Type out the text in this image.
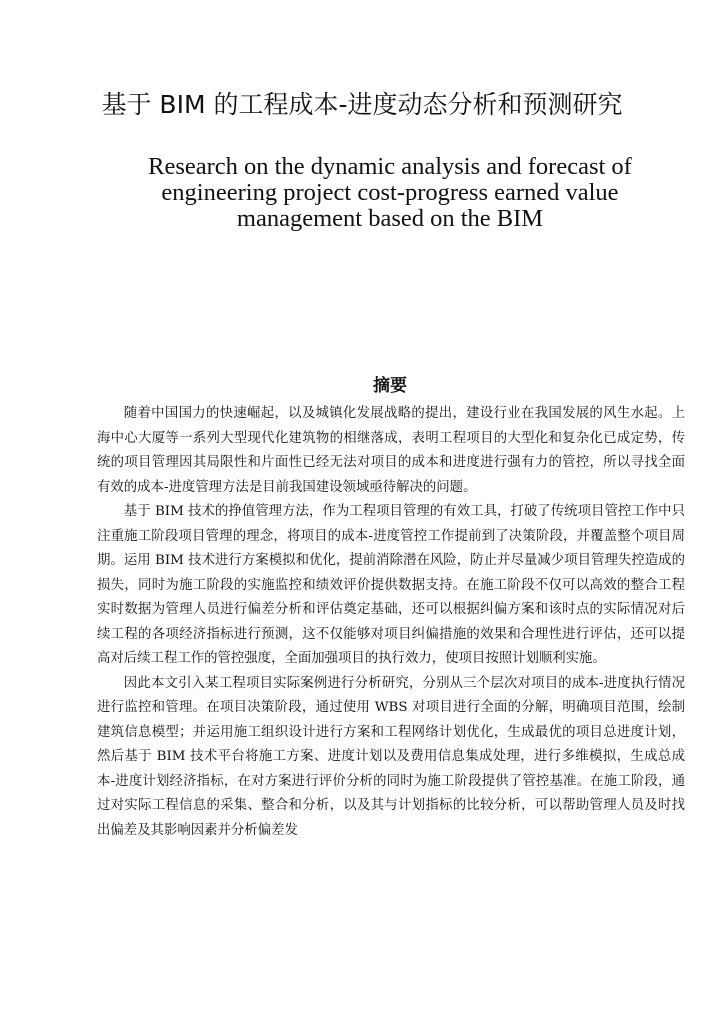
基于 BIM 的工程成本-进度动态分析和预测研究
Research on the dynamic analysis and forecast of engineering project cost-progress earned value management based on the BIM
摘要

随着中国国力的快速崛起，以及城镇化发展战略的提出，建设行业在我国发展的风生水起。上海中心大厦等一系列大型现代化建筑物的相继落成，表明工程项目的大型化和复杂化已成定势，传统的项目管理因其局限性和片面性已经无法对项目的成本和进度进行强有力的管控，所以寻找全面有效的成本-进度管理方法是目前我国建设领域亟待解决的问题。

基于 BIM 技术的挣值管理方法，作为工程项目管理的有效工具，打破了传统项目管控工作中只注重施工阶段项目管理的理念，将项目的成本-进度管控工作提前到了决策阶段，并覆盖整个项目周期。运用 BIM 技术进行方案模拟和优化，提前消除潜在风险，防止并尽量减少项目管理失控造成的损失，同时为施工阶段的实施监控和绩效评价提供数据支持。在施工阶段不仅可以高效的整合工程实时数据为管理人员进行偏差分析和评估奠定基础，还可以根据纠偏方案和该时点的实际情况对后续工程的各项经济指标进行预测，这不仅能够对项目纠偏措施的效果和合理性进行评估，还可以提高对后续工程工作的管控强度，全面加强项目的执行效力，使项目按照计划顺利实施。

因此本文引入某工程项目实际案例进行分析研究，分别从三个层次对项目的成本-进度执行情况进行监控和管理。在项目决策阶段，通过使用 WBS 对项目进行全面的分解，明确项目范围，绘制建筑信息模型；并运用施工组织设计进行方案和工程网络计划优化，生成最优的项目总进度计划，然后基于 BIM 技术平台将施工方案、进度计划以及费用信息集成处理，进行多维模拟，生成总成本-进度计划经济指标，在对方案进行评价分析的同时为施工阶段提供了管控基准。在施工阶段，通过对实际工程信息的采集、整合和分析，以及其与计划指标的比较分析，可以帮助管理人员及时找出偏差及其影响因素并分析偏差发
